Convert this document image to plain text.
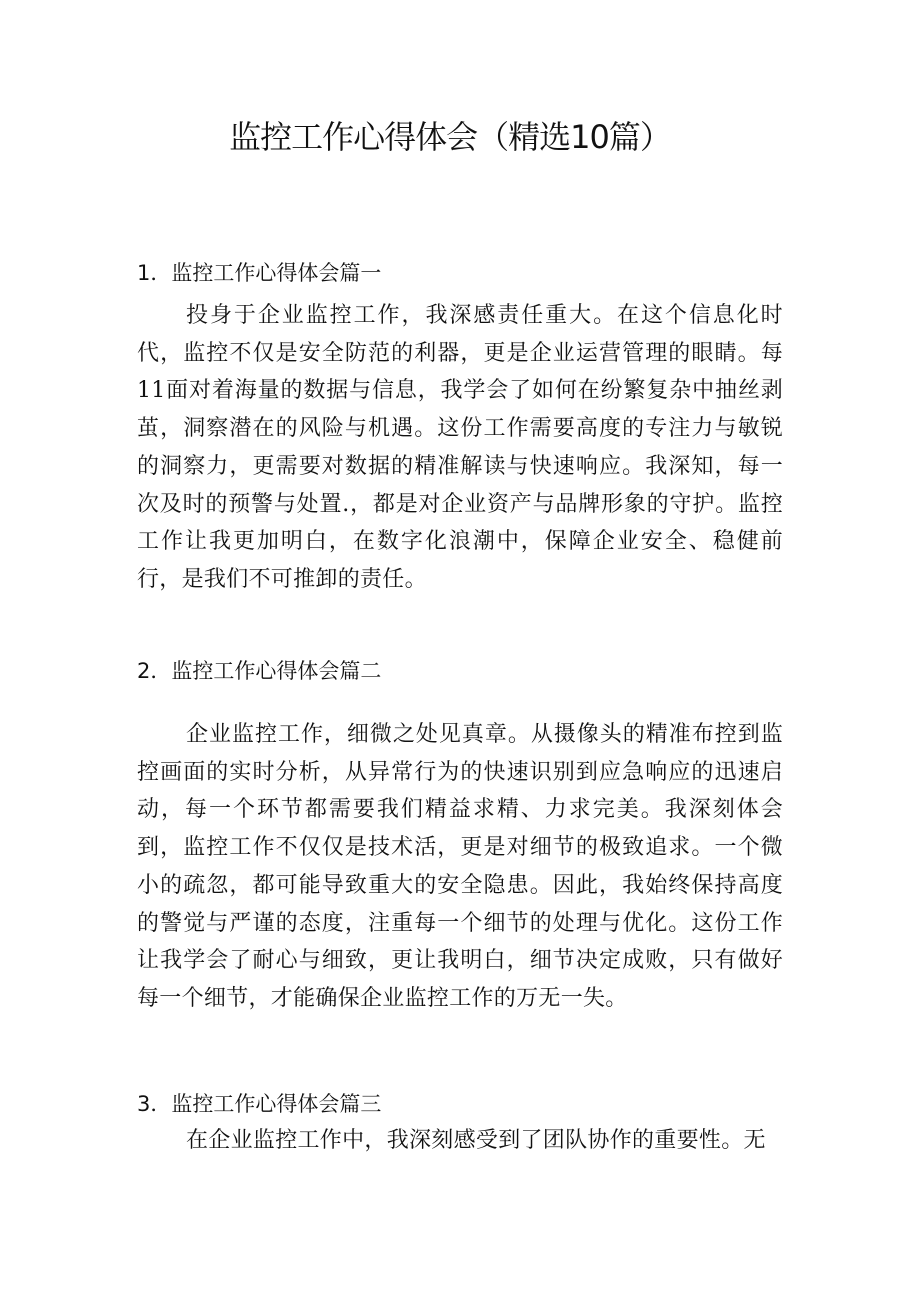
监控工作心得体会（精选10篇）
1．监控工作心得体会篇一

投身于企业监控工作，我深感责任重大。在这个信息化时代，监控不仅是安全防范的利器，更是企业运营管理的眼睛。每11面对着海量的数据与信息，我学会了如何在纷繁复杂中抽丝剥茧，洞察潜在的风险与机遇。这份工作需要高度的专注力与敏锐的洞察力，更需要对数据的精准解读与快速响应。我深知，每一次及时的预警与处置.，都是对企业资产与品牌形象的守护。监控工作让我更加明白，在数字化浪潮中，保障企业安全、稳健前行，是我们不可推卸的责任。

2．监控工作心得体会篇二

企业监控工作，细微之处见真章。从摄像头的精准布控到监控画面的实时分析，从异常行为的快速识别到应急响应的迅速启动，每一个环节都需要我们精益求精、力求完美。我深刻体会到，监控工作不仅仅是技术活，更是对细节的极致追求。一个微小的疏忽，都可能导致重大的安全隐患。因此，我始终保持高度的警觉与严谨的态度，注重每一个细节的处理与优化。这份工作让我学会了耐心与细致，更让我明白，细节决定成败，只有做好每一个细节，才能确保企业监控工作的万无一失。

3．监控工作心得体会篇三

在企业监控工作中，我深刻感受到了团队协作的重要性。无
